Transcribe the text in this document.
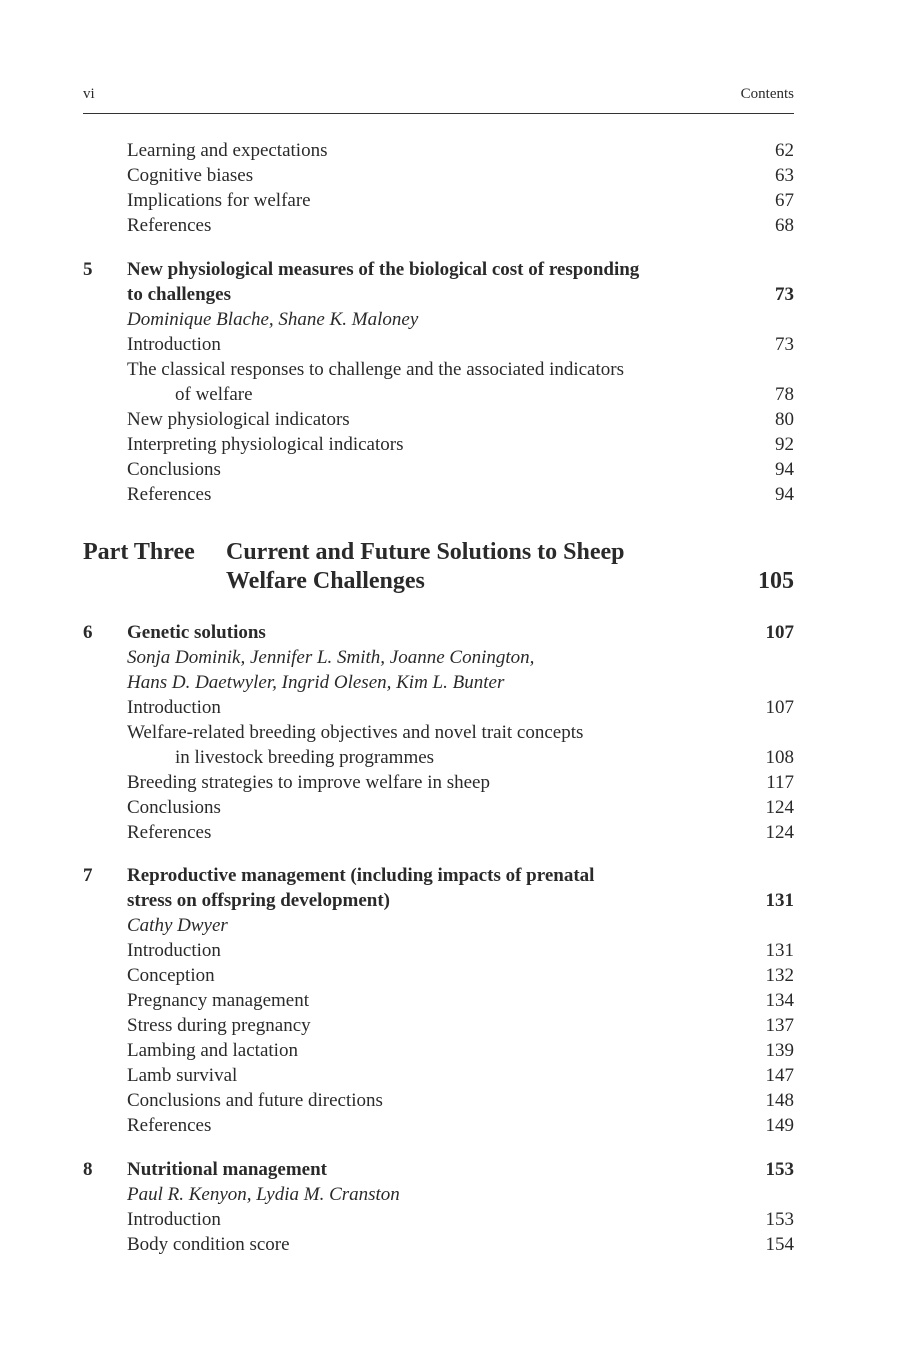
vi	Contents
Learning and expectations	62
Cognitive biases	63
Implications for welfare	67
References	68
5 New physiological measures of the biological cost of responding
to challenges	73
Dominique Blache, Shane K. Maloney
Introduction	73
The classical responses to challenge and the associated indicators
of welfare	78
New physiological indicators	80
Interpreting physiological indicators	92
Conclusions	94
References	94
Part Three Current and Future Solutions to Sheep
Welfare Challenges	105
6 Genetic solutions	107
Sonja Dominik, Jennifer L. Smith, Joanne Conington,
Hans D. Daetwyler, Ingrid Olesen, Kim L. Bunter
Introduction	107
Welfare-related breeding objectives and novel trait concepts
in livestock breeding programmes	108
Breeding strategies to improve welfare in sheep	117
Conclusions	124
References	124
7 Reproductive management (including impacts of prenatal
stress on offspring development)	131
Cathy Dwyer
Introduction	131
Conception	132
Pregnancy management	134
Stress during pregnancy	137
Lambing and lactation	139
Lamb survival	147
Conclusions and future directions	148
References	149
8 Nutritional management	153
Paul R. Kenyon, Lydia M. Cranston
Introduction	153
Body condition score	154
